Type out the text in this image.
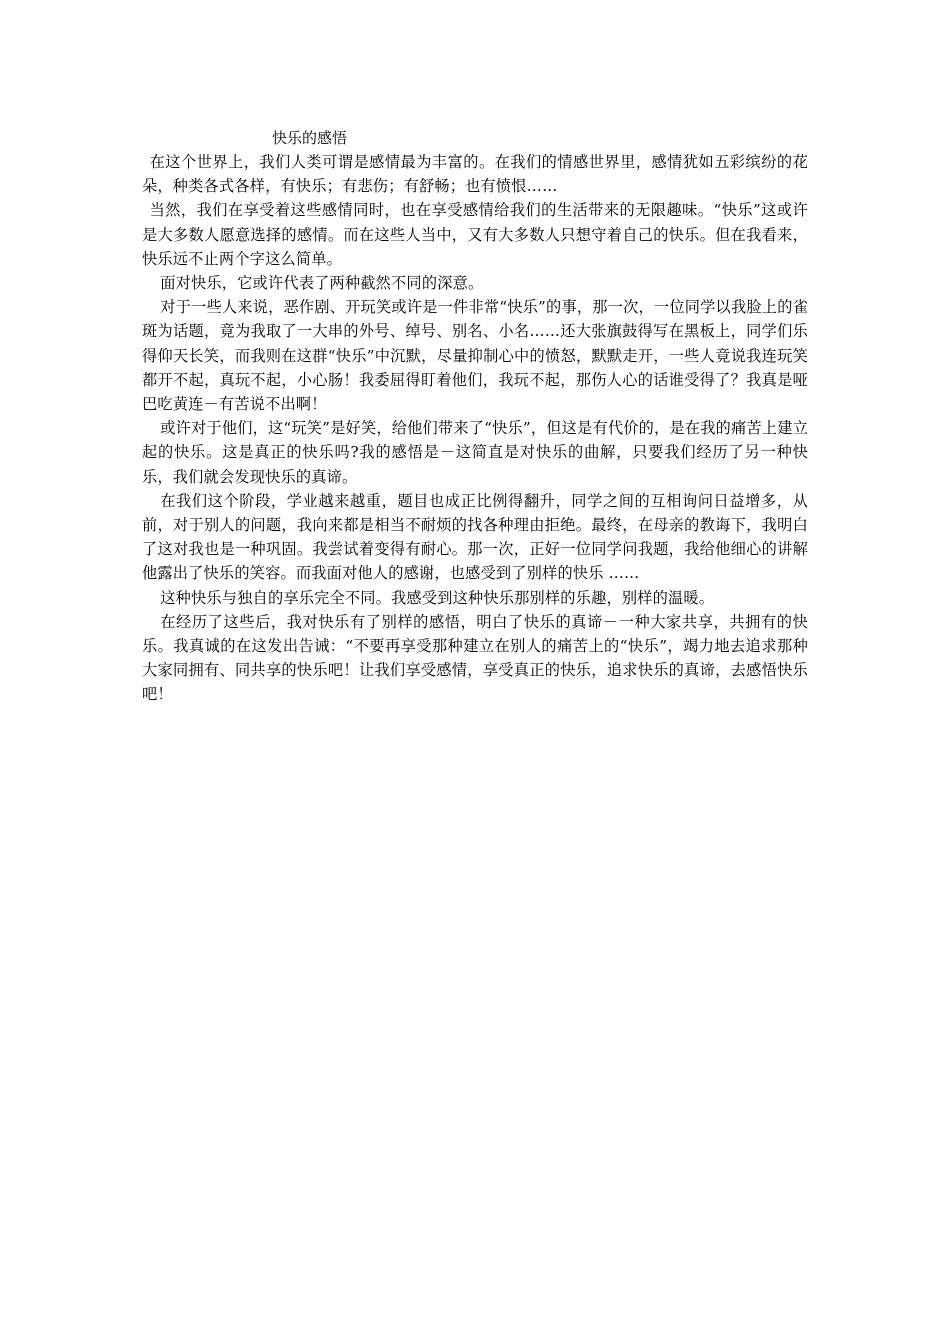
快乐的感悟

在这个世界上，我们人类可谓是感情最为丰富的。在我们的情感世界里，感情犹如五彩缤纷的花朵，种类各式各样，有快乐；有悲伤；有舒畅；也有愤恨……

当然，我们在享受着这些感情同时，也在享受感情给我们的生活带来的无限趣味。“快乐”这或许是大多数人愿意选择的感情。而在这些人当中，又有大多数人只想守着自己的快乐。但在我看来，快乐远不止两个字这么简单。

面对快乐，它或许代表了两种截然不同的深意。

对于一些人来说，恶作剧、开玩笑或许是一件非常“快乐”的事，那一次，一位同学以我脸上的雀斑为话题，竟为我取了一大串的外号、绰号、别名、小名……还大张旗鼓得写在黑板上，同学们乐得仰天长笑，而我则在这群“快乐”中沉默，尽量抑制心中的愤怒，默默走开，一些人竟说我连玩笑都开不起，真玩不起，小心肠！我委屈得盯着他们，我玩不起，那伤人心的话谁受得了？我真是哑巴吃黄连－有苦说不出啊！

或许对于他们，这“玩笑”是好笑，给他们带来了“快乐”，但这是有代价的，是在我的痛苦上建立起的快乐。这是真正的快乐吗?我的感悟是－这简直是对快乐的曲解，只要我们经历了另一种快乐，我们就会发现快乐的真谛。

在我们这个阶段，学业越来越重，题目也成正比例得翻升，同学之间的互相询问日益增多，从前，对于别人的问题，我向来都是相当不耐烦的找各种理由拒绝。最终，在母亲的教诲下，我明白了这对我也是一种巩固。我尝试着变得有耐心。那一次，正好一位同学问我题，我给他细心的讲解 他露出了快乐的笑容。而我面对他人的感谢，也感受到了别样的快乐 ……

这种快乐与独自的享乐完全不同。我感受到这种快乐那别样的乐趣，别样的温暖。

在经历了这些后，我对快乐有了别样的感悟，明白了快乐的真谛－一种大家共享，共拥有的快乐。我真诚的在这发出告诫：“不要再享受那种建立在别人的痛苦上的“快乐”，竭力地去追求那种大家同拥有、同共享的快乐吧！让我们享受感情，享受真正的快乐，追求快乐的真谛，去感悟快乐吧！
